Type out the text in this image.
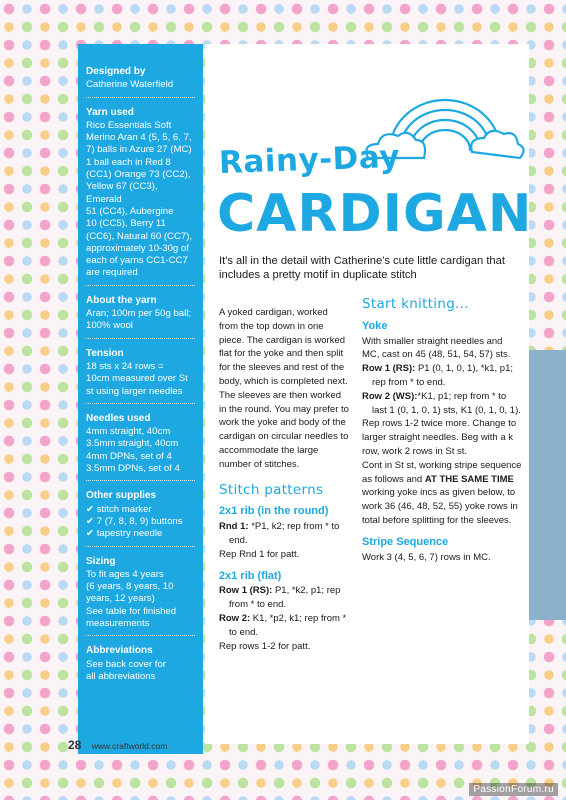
Designed by
Catherine Waterfield
Yarn used
Rico Essentials Soft
Merino Aran 4 (5, 5, 6, 7,
7) balls in Azure 27 (MC)
1 ball each in Red 8
(CC1) Orange 73 (CC2),
Yellow 67 (CC3), Emerald
51 (CC4), Aubergine
10 (CC5), Berry 11
(CC6), Natural 60 (CC7),
approximately 10-30g of
each of yarns CC1-CC7
are required
About the yarn
Aran; 100m per 50g ball;
100% wool
Tension
18 sts x 24 rows =
10cm measured over St
st using larger needles
Needles used
4mm straight, 40cm
3.5mm straight, 40cm
4mm DPNs, set of 4
3.5mm DPNs, set of 4
Other supplies
✔ stitch marker
✔ 7 (7, 8, 8, 9) buttons
✔ tapestry needle
Sizing
To fit ages 4 years
(6 years, 8 years, 10
years, 12 years)
See table for finished
measurements
Abbreviations
See back cover for
all abbreviations
Rainy-Day
CARDIGAN
It's all in the detail with Catherine's cute little cardigan that includes a pretty motif in duplicate stitch
A yoked cardigan, worked from the top down in one piece. The cardigan is worked flat for the yoke and then split for the sleeves and rest of the body, which is completed next. The sleeves are then worked in the round. You may prefer to work the yoke and body of the cardigan on circular needles to accommodate the large number of stitches.
Stitch patterns
2x1 rib (in the round)
Rnd 1: *P1, k2; rep from * to end.
Rep Rnd 1 for patt.
2x1 rib (flat)
Row 1 (RS): P1, *k2, p1; rep from * to end.
Row 2: K1, *p2, k1; rep from * to end.
Rep rows 1-2 for patt.
Start knitting...
Yoke
With smaller straight needles and MC, cast on 45 (48, 51, 54, 57) sts.
Row 1 (RS): P1 (0, 1, 0, 1), *k1, p1; rep from * to end.
Row 2 (WS):*K1, p1; rep from * to last 1 (0, 1, 0, 1) sts, K1 (0, 1, 0, 1).
Rep rows 1-2 twice more. Change to larger straight needles. Beg with a k row, work 2 rows in St st.
Cont in St st, working stripe sequence as follows and AT THE SAME TIME working yoke incs as given below, to work 36 (46, 48, 52, 55) yoke rows in total before splitting for the sleeves.
Stripe Sequence
Work 3 (4, 5, 6, 7) rows in MC.
28 www.craftworld.com
PassionForum.ru
